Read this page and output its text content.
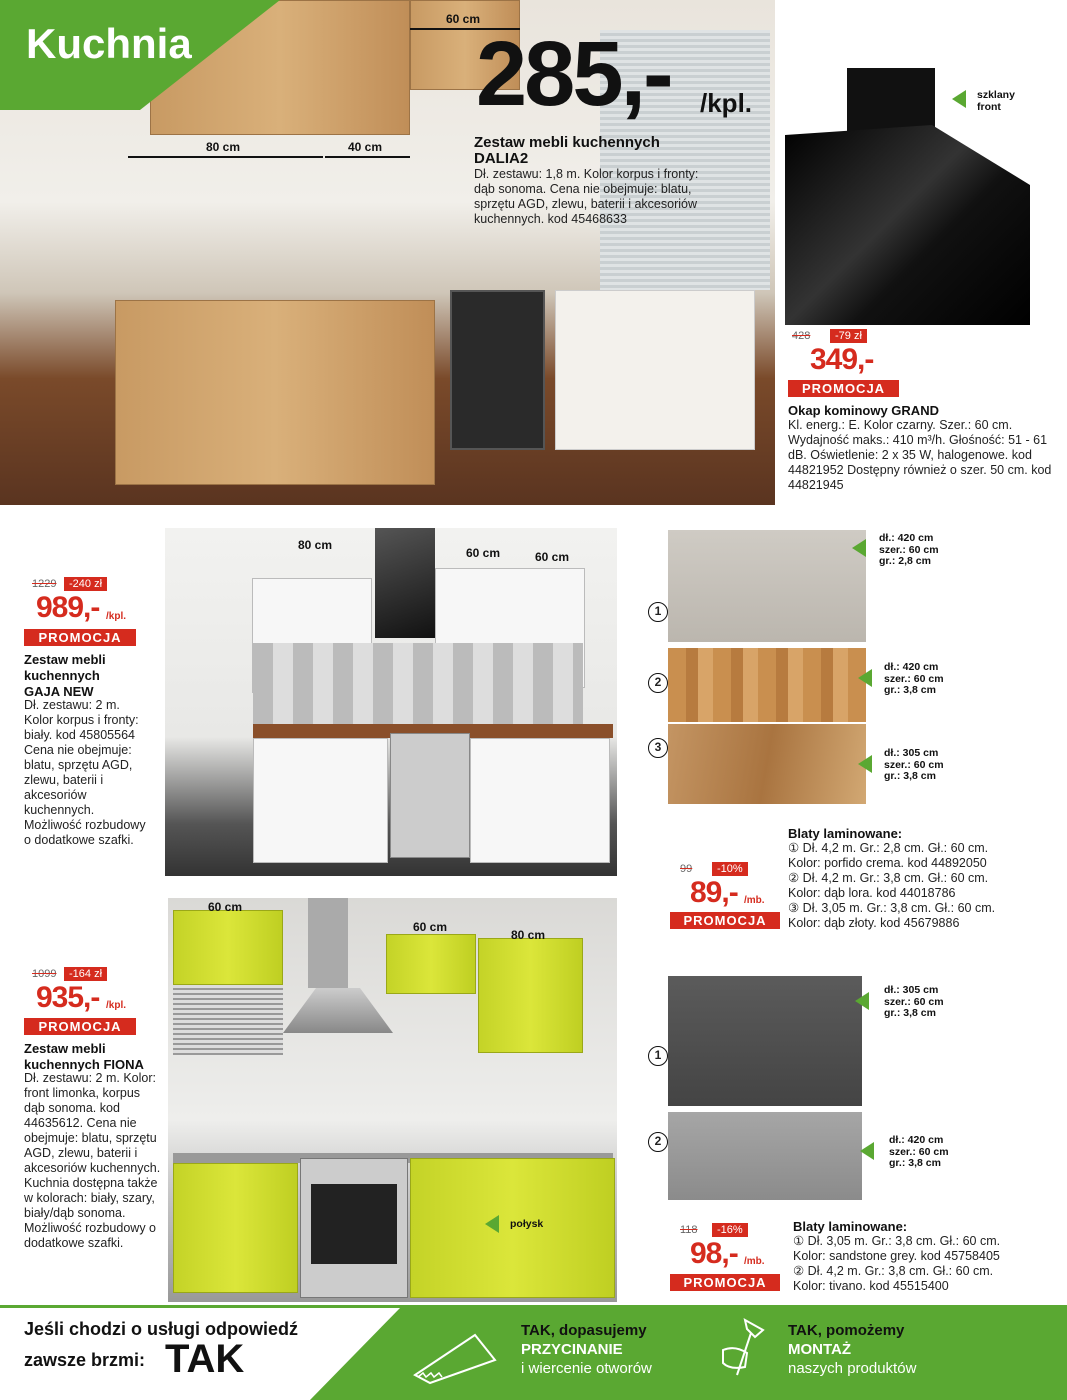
Kuchnia
60 cm
80 cm	40 cm
285,- /kpl.
Zestaw mebli kuchennych DALIA2
Dł. zestawu: 1,8 m. Kolor korpus i fronty: dąb sonoma. Cena nie obejmuje: blatu, sprzętu AGD, zlewu, baterii i akcesoriów kuchennych. kod 45468633
szklany front
428	-79 zł
349,-
PROMOCJA
Okap kominowy GRAND
Kl. energ.: E. Kolor czarny. Szer.: 60 cm. Wydajność maks.: 410 m³/h. Głośność: 51 - 61 dB. Oświetlenie: 2 x 35 W, halogenowe. kod 44821952 Dostępny również o szer. 50 cm. kod 44821945
80 cm
60 cm	60 cm
1229	-240 zł
989,- /kpl.
PROMOCJA
Zestaw mebli kuchennych GAJA NEW
Dł. zestawu: 2 m. Kolor korpus i fronty: biały. kod 45805564 Cena nie obejmuje: blatu, sprzętu AGD, zlewu, baterii i akcesoriów kuchennych. Możliwość rozbudowy o dodatkowe szafki.
60 cm
60 cm
80 cm
połysk
1099	-164 zł
935,- /kpl.
PROMOCJA
Zestaw mebli kuchennych FIONA
Dł. zestawu: 2 m. Kolor: front limonka, korpus dąb sonoma. kod 44635612. Cena nie obejmuje: blatu, sprzętu AGD, zlewu, baterii i akcesoriów kuchennych. Kuchnia dostępna także w kolorach: biały, szary, biały/dąb sonoma. Możliwość rozbudowy o dodatkowe szafki.
1
2
3
dł.: 420 cm
szer.: 60 cm
gr.: 2,8 cm
dł.: 420 cm
szer.: 60 cm
gr.: 3,8 cm
dł.: 305 cm
szer.: 60 cm
gr.: 3,8 cm
99	-10%
89,- /mb.
PROMOCJA
Blaty laminowane:
① Dł. 4,2 m. Gr.: 2,8 cm. Gł.: 60 cm.
Kolor: porfido crema. kod 44892050
② Dł. 4,2 m. Gr.: 3,8 cm. Gł.: 60 cm.
Kolor: dąb lora. kod 44018786
③ Dł. 3,05 m. Gr.: 3,8 cm. Gł.: 60 cm.
Kolor: dąb złoty. kod 45679886
1
2
dł.: 305 cm
szer.: 60 cm
gr.: 3,8 cm
dł.: 420 cm
szer.: 60 cm
gr.: 3,8 cm
118	-16%
98,- /mb.
PROMOCJA
Blaty laminowane:
① Dł. 3,05 m. Gr.: 3,8 cm. Gł.: 60 cm.
Kolor: sandstone grey. kod 45758405
② Dł. 4,2 m. Gr.: 3,8 cm. Gł.: 60 cm.
Kolor: tivano. kod 45515400
Jeśli chodzi o usługi odpowiedź
zawsze brzmi: TAK
TAK, dopasujemy
PRZYCINANIE
i wiercenie otworów
TAK, pomożemy
MONTAŻ
naszych produktów
